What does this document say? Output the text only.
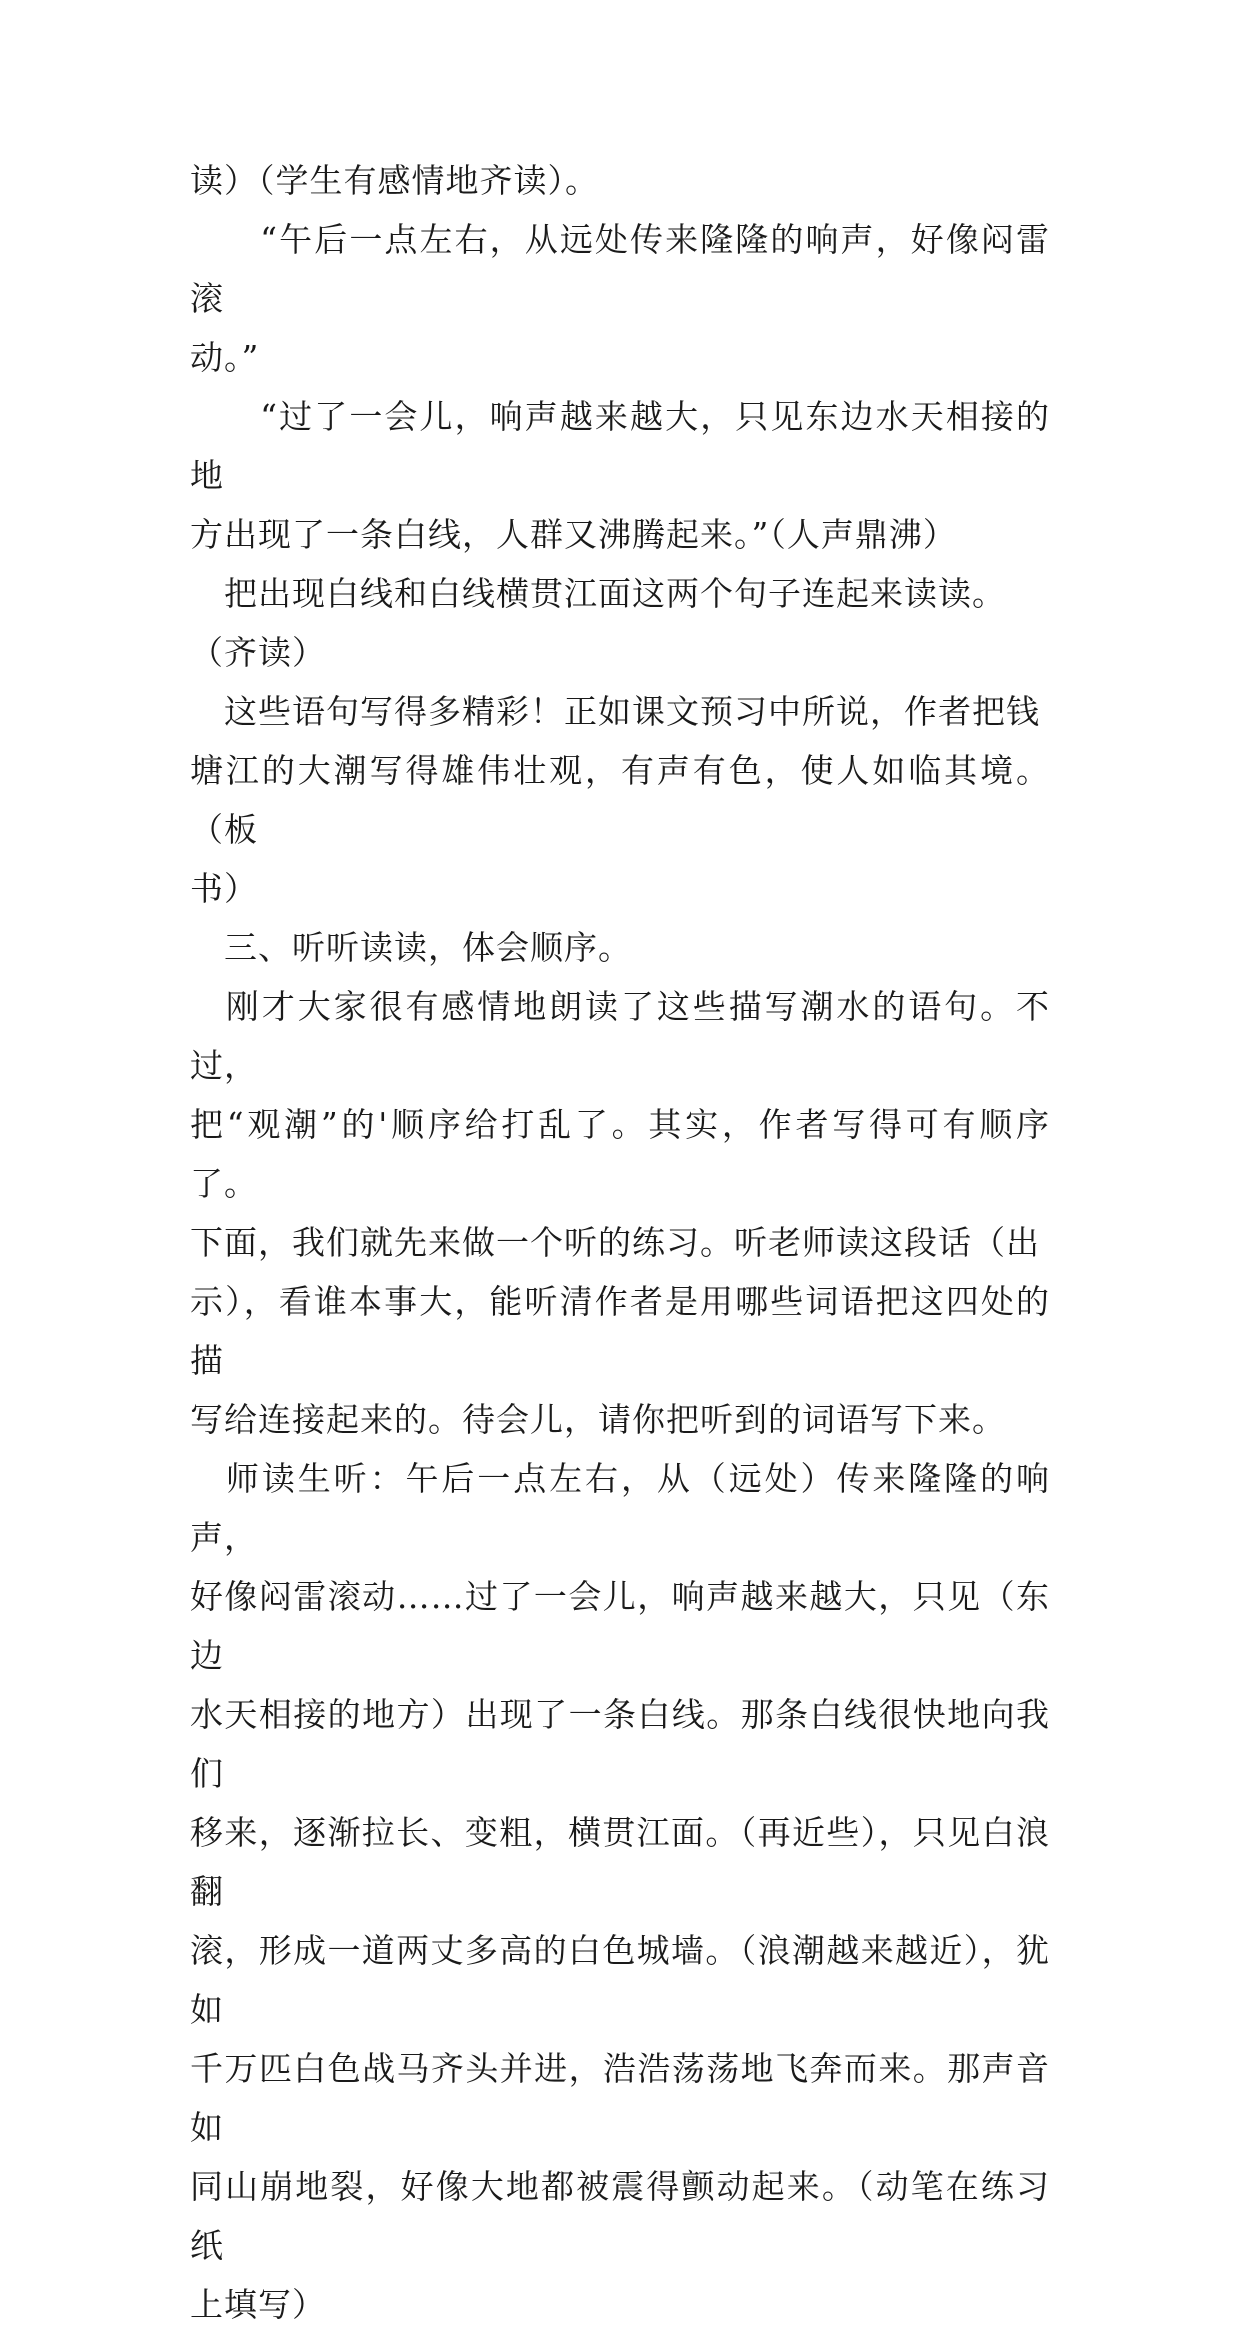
读）（学生有感情地齐读）。

　　“午后一点左右，从远处传来隆隆的响声，好像闷雷滚
动。”

　　“过了一会儿，响声越来越大，只见东边水天相接的地
方出现了一条白线，人群又沸腾起来。”（人声鼎沸）

　把出现白线和白线横贯江面这两个句子连起来读读。
（齐读）

　这些语句写得多精彩！正如课文预习中所说，作者把钱
塘江的大潮写得雄伟壮观，有声有色，使人如临其境。（板
书）

　三、听听读读，体会顺序。

　刚才大家很有感情地朗读了这些描写潮水的语句。不过，
把“观潮”的'顺序给打乱了。其实，作者写得可有顺序了。
下面，我们就先来做一个听的练习。听老师读这段话（出
示），看谁本事大，能听清作者是用哪些词语把这四处的描
写给连接起来的。待会儿，请你把听到的词语写下来。

　师读生听：午后一点左右，从（远处）传来隆隆的响声，
好像闷雷滚动……过了一会儿，响声越来越大，只见（东边
水天相接的地方）出现了一条白线。那条白线很快地向我们
移来，逐渐拉长、变粗，横贯江面。（再近些），只见白浪翻
滚，形成一道两丈多高的白色城墙。（浪潮越来越近），犹如
千万匹白色战马齐头并进，浩浩荡荡地飞奔而来。那声音如
同山崩地裂，好像大地都被震得颤动起来。（动笔在练习纸
上填写）
